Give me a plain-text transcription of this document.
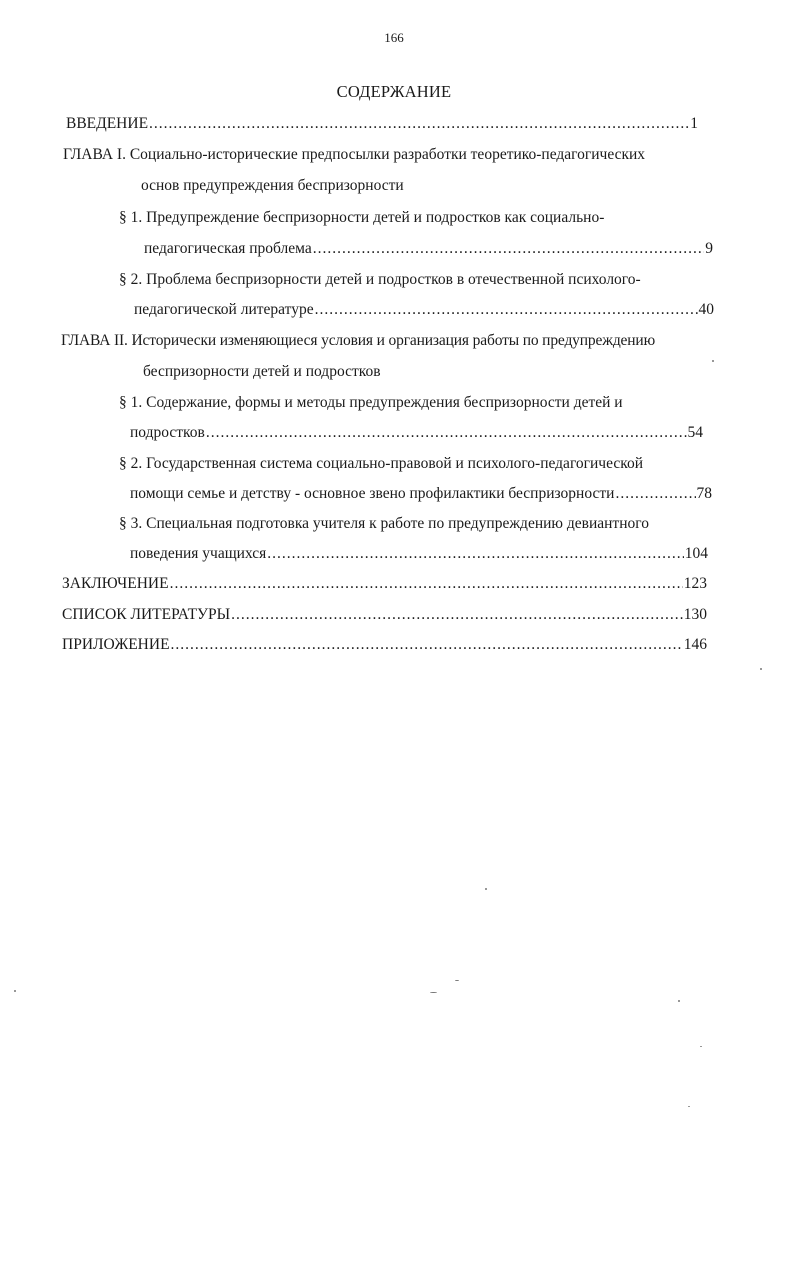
166
СОДЕРЖАНИЕ
ВВЕДЕНИЕ .....	1
ГЛАВА I. Социально-исторические предпосылки разработки теоретико-педагогических
основ предупреждения беспризорности
§ 1. Предупреждение беспризорности детей и подростков как социально-
педагогическая проблема .....	9
§ 2. Проблема беспризорности детей и подростков в отечественной психолого-
педагогической литературе .....	40
ГЛАВА II. Исторически изменяющиеся условия и организация работы по предупреждению
беспризорности детей и подростков
§ 1. Содержание, формы и методы предупреждения беспризорности детей и
подростков .....	54
§ 2. Государственная система социально-правовой и психолого-педагогической
помощи семье и детству - основное звено профилактики беспризорности .....	78
§ 3. Специальная подготовка учителя к работе по предупреждению девиантного
поведения учащихся .....	104
ЗАКЛЮЧЕНИЕ .....	123
СПИСОК ЛИТЕРАТУРЫ .....	130
ПРИЛОЖЕНИЕ .....	146
